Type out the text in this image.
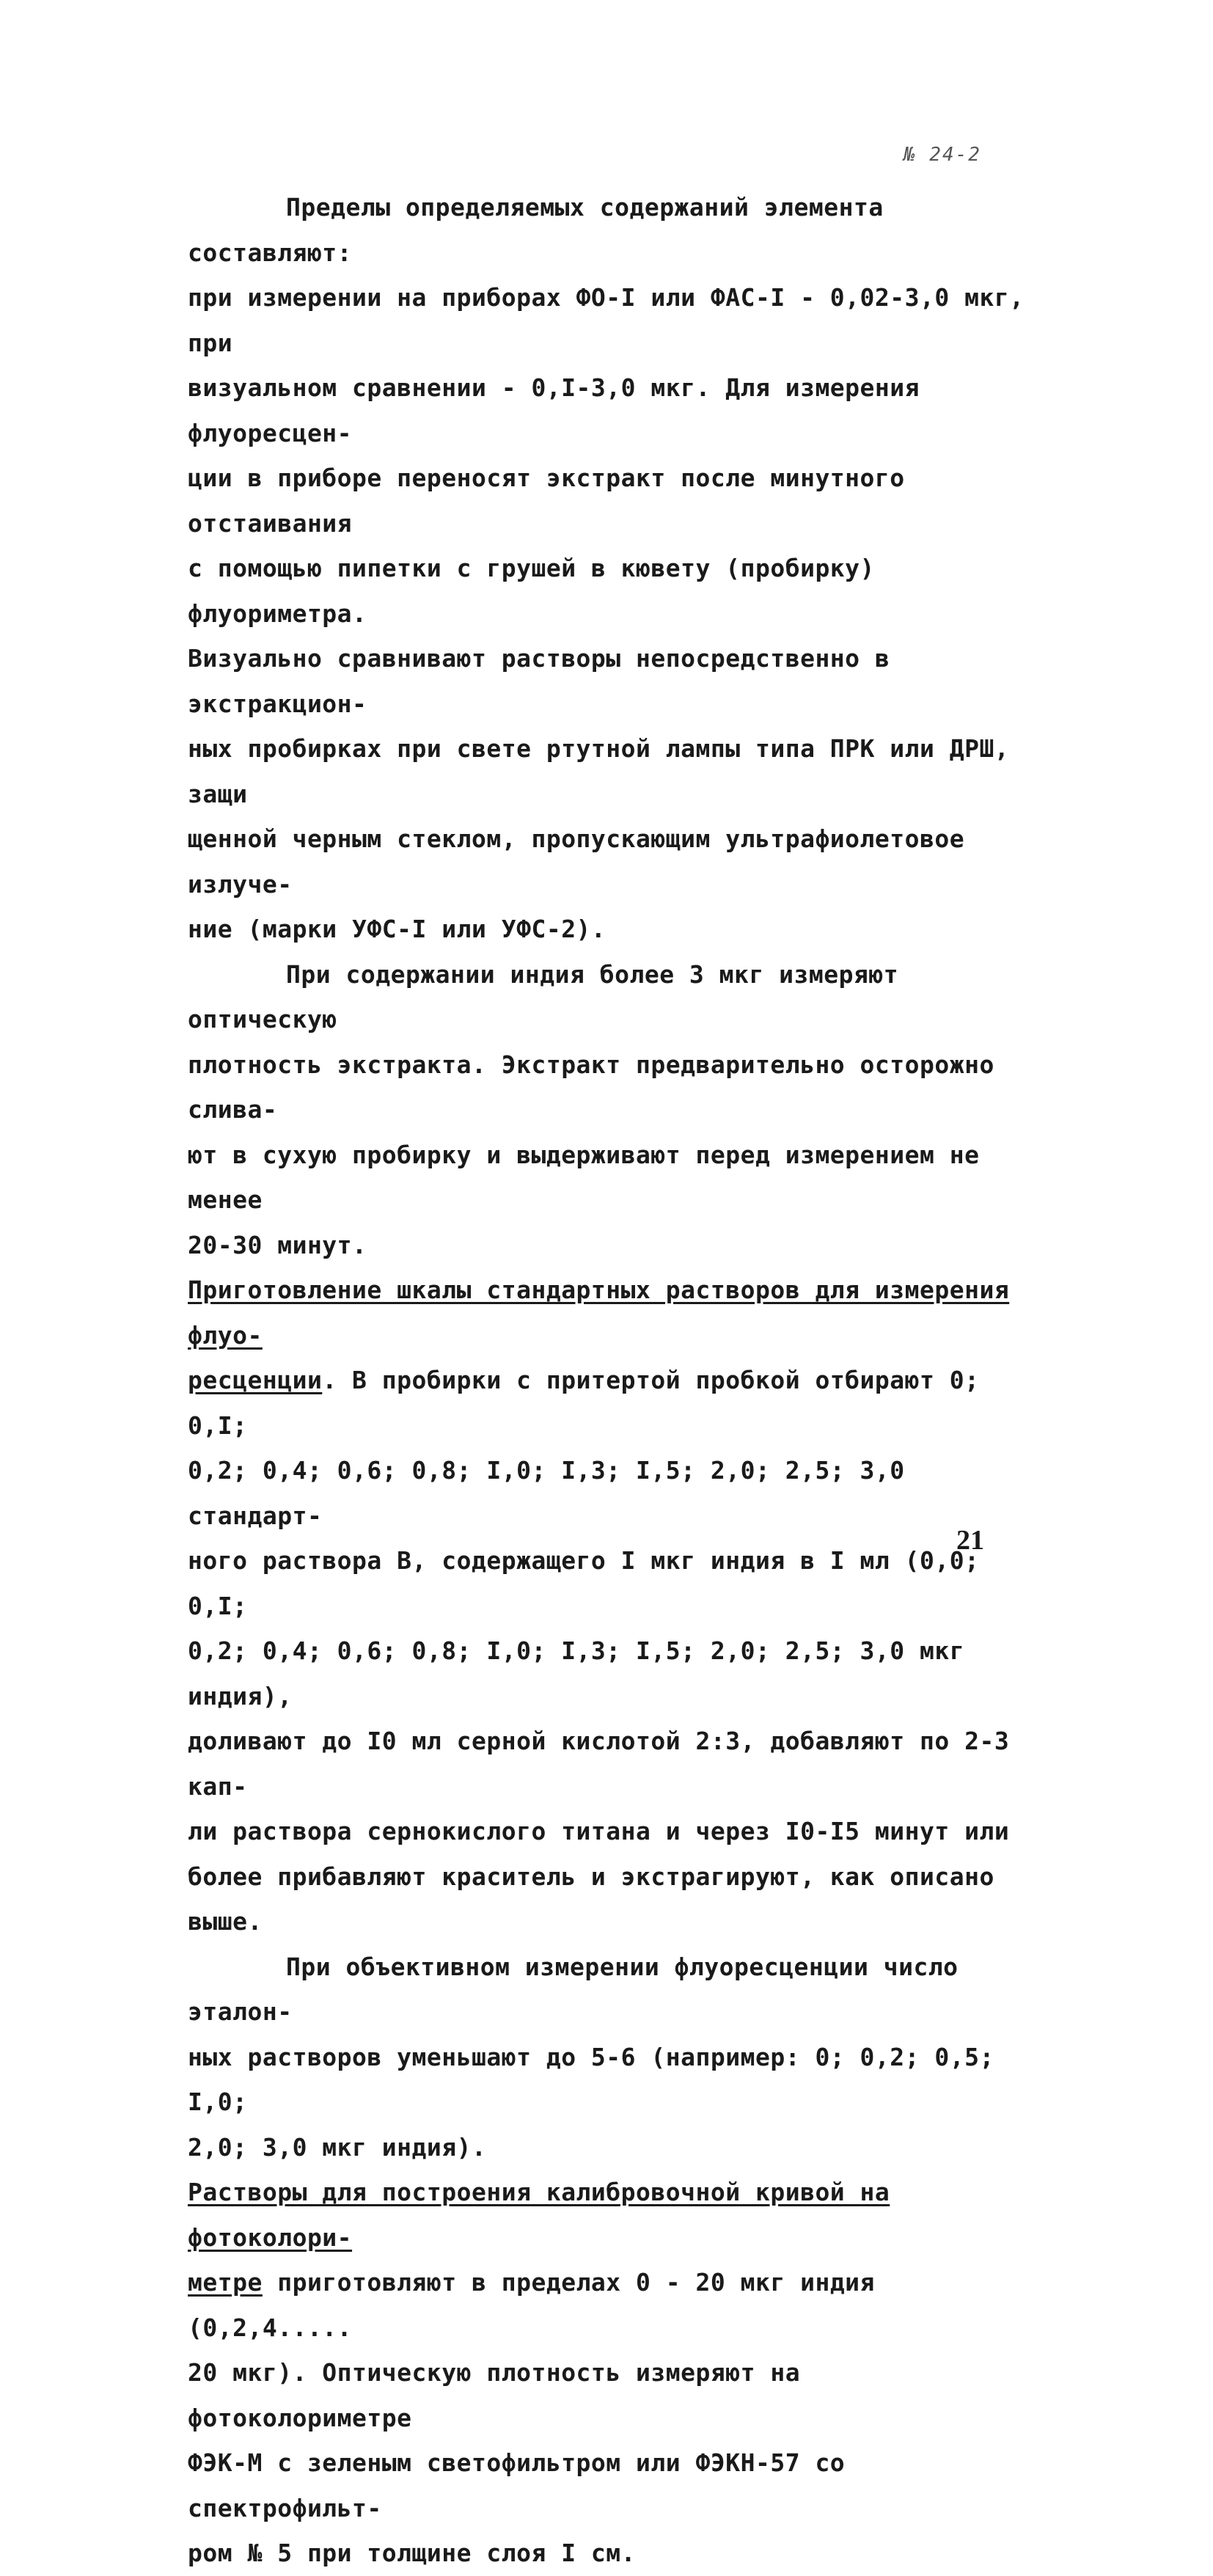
№ 24-2

Пределы определяемых содержаний элемента составляют:
при измерении на приборах ФО-I или ФАС-I - 0,02-3,0 мкг, при
визуальном сравнении - 0,I-3,0 мкг. Для измерения флуоресцен-
ции в приборе переносят экстракт после минутного отстаивания
с помощью пипетки с грушей в кювету (пробирку) флуориметра.
Визуально сравнивают растворы непосредственно в экстракцион-
ных пробирках при свете ртутной лампы типа ПРК или ДРШ, защи
щенной черным стеклом, пропускающим ультрафиолетовое излуче-
ние (марки УФС-I или УФС-2).

При содержании индия более 3 мкг измеряют оптическую
плотность экстракта. Экстракт предварительно осторожно сливa-
ют в сухую пробирку и выдерживают перед измерением не менее
20-30 минут.

Приготовление шкалы стандартных растворов для измерения флуо-
ресценции. В пробирки с притертой пробкой отбирают 0; 0,I;
0,2; 0,4; 0,6; 0,8; I,0; I,3; I,5; 2,0; 2,5; 3,0 стандарт-
ного раствора В, содержащего I мкг индия в I мл (0,0; 0,I;
0,2; 0,4; 0,6; 0,8; I,0; I,3; I,5; 2,0; 2,5; 3,0 мкг индия),
доливают до I0 мл серной кислотой 2:3, добавляют по 2-3 кап-
ли раствора сернокислого титана и через I0-I5 минут или
более прибавляют краситель и экстрагируют, как описано выше.

При объективном измерении флуоресценции число эталон-
ных растворов уменьшают до 5-6 (например: 0; 0,2; 0,5; I,0;
2,0; 3,0 мкг индия).

Растворы для построения калибровочной кривой на фотоколори-
метре приготовляют в пределах 0 - 20 мкг индия (0,2,4.....
20 мкг). Оптическую плотность измеряют на фотоколориметре
ФЭК-М с зеленым светофильтром или ФЭКН-57 со спектрофильт-
ром № 5 при толщине слоя I см.

21
